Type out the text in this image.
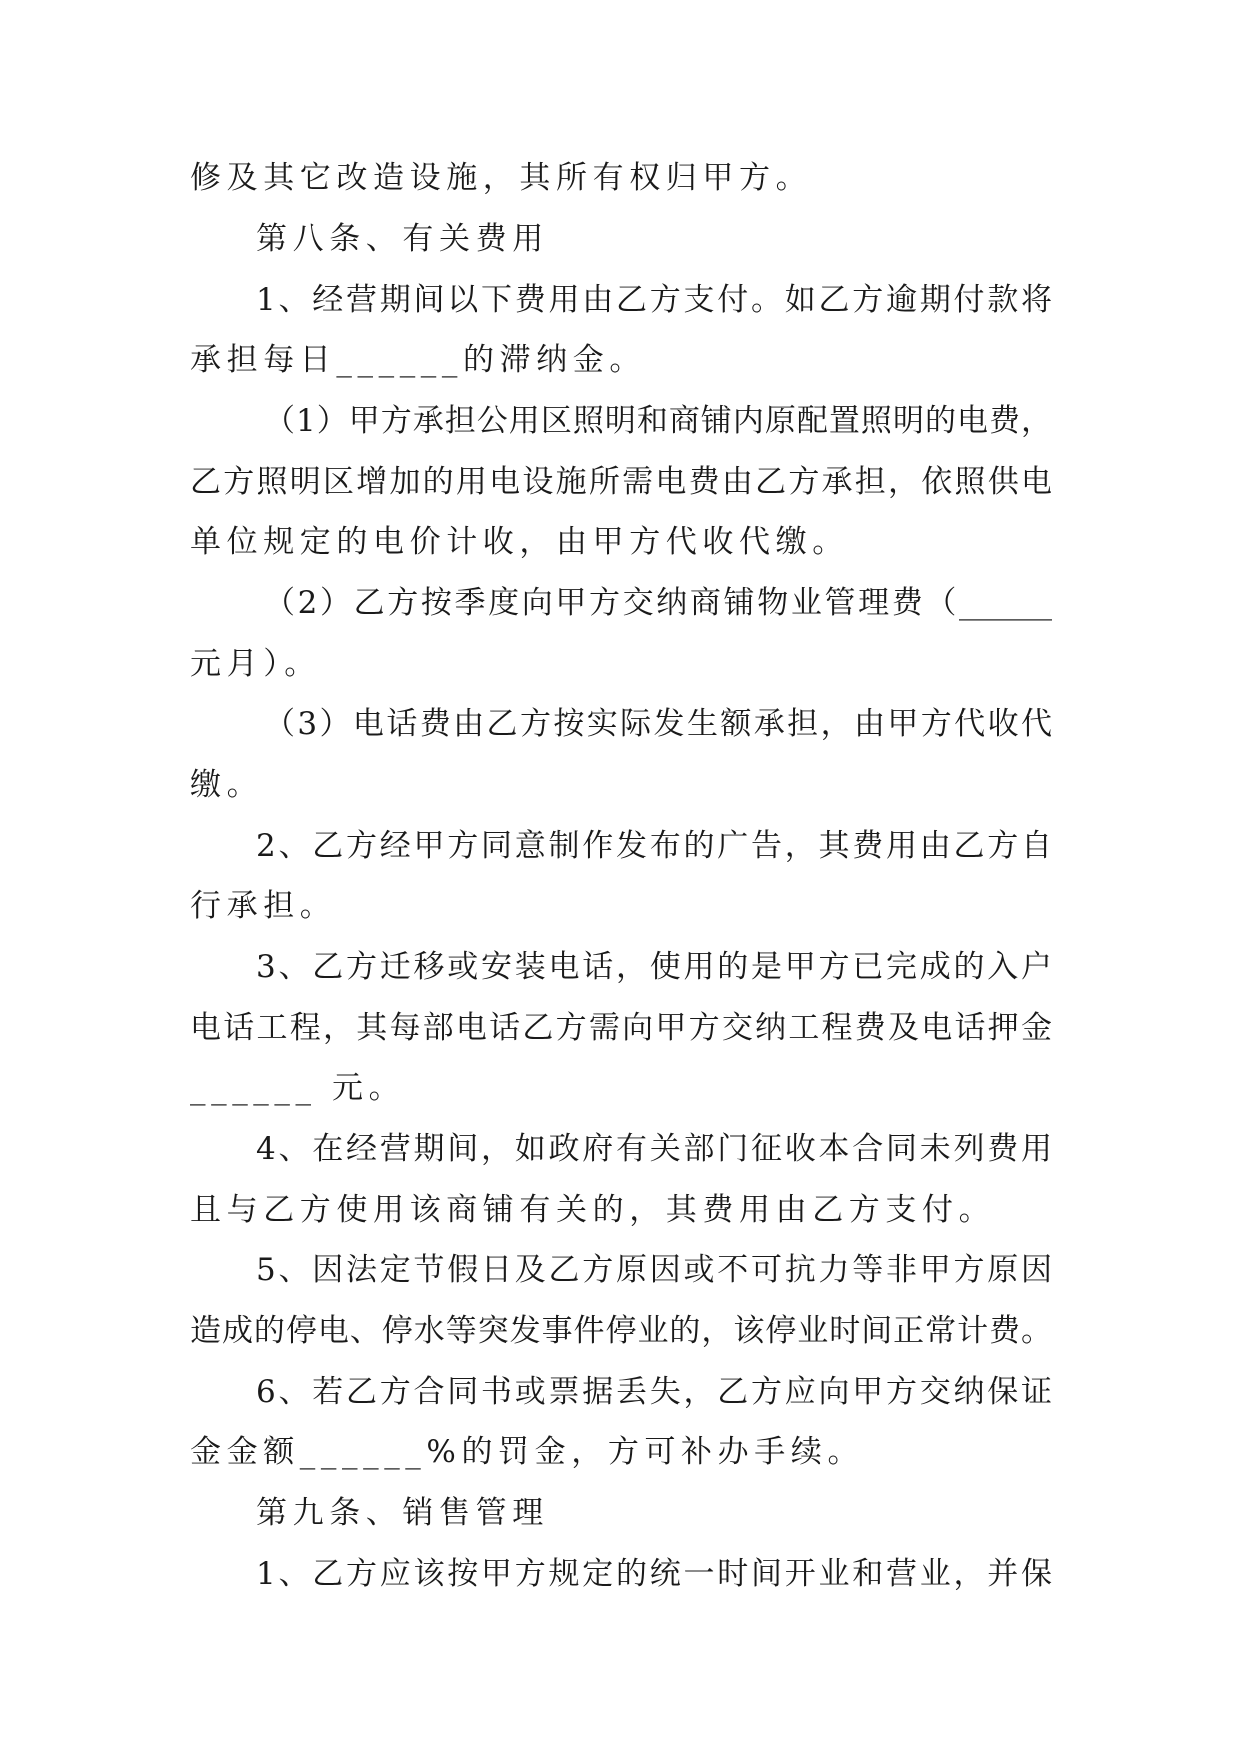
修及其它改造设施，其所有权归甲方。
第八条、有关费用
1、经营期间以下费用由乙方支付。如乙方逾期付款将
承担每日______的滞纳金。
（1）甲方承担公用区照明和商铺内原配置照明的电费，
乙方照明区增加的用电设施所需电费由乙方承担，依照供电
单位规定的电价计收，由甲方代收代缴。
（2）乙方按季度向甲方交纳商铺物业管理费（______
元月）。
（3）电话费由乙方按实际发生额承担，由甲方代收代
缴。
2、乙方经甲方同意制作发布的广告，其费用由乙方自
行承担。
3、乙方迁移或安装电话，使用的是甲方已完成的入户
电话工程，其每部电话乙方需向甲方交纳工程费及电话押金
______ 元。
4、在经营期间，如政府有关部门征收本合同未列费用
且与乙方使用该商铺有关的，其费用由乙方支付。
5、因法定节假日及乙方原因或不可抗力等非甲方原因
造成的停电、停水等突发事件停业的，该停业时间正常计费。
6、若乙方合同书或票据丢失，乙方应向甲方交纳保证
金金额______%的罚金，方可补办手续。
第九条、销售管理
1、乙方应该按甲方规定的统一时间开业和营业，并保
